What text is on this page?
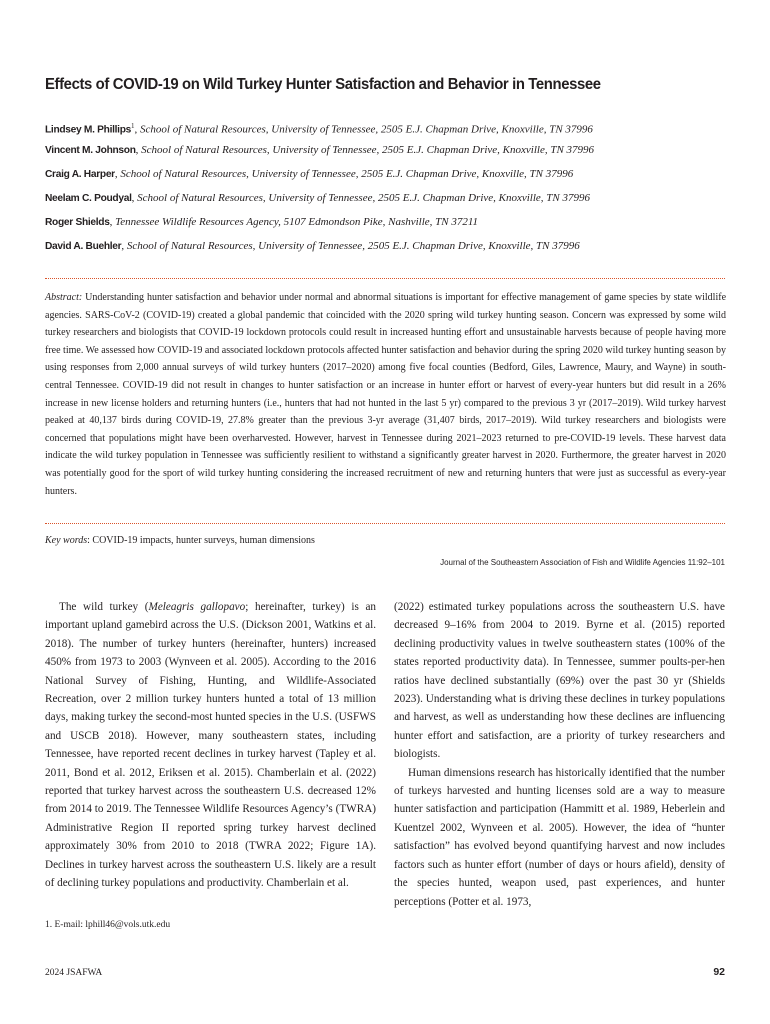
Effects of COVID-19 on Wild Turkey Hunter Satisfaction and Behavior in Tennessee
Lindsey M. Phillips$^1$, School of Natural Resources, University of Tennessee, 2505 E.J. Chapman Drive, Knoxville, TN 37996
Vincent M. Johnson, School of Natural Resources, University of Tennessee, 2505 E.J. Chapman Drive, Knoxville, TN 37996
Craig A. Harper, School of Natural Resources, University of Tennessee, 2505 E.J. Chapman Drive, Knoxville, TN 37996
Neelam C. Poudyal, School of Natural Resources, University of Tennessee, 2505 E.J. Chapman Drive, Knoxville, TN 37996
Roger Shields, Tennessee Wildlife Resources Agency, 5107 Edmondson Pike, Nashville, TN 37211
David A. Buehler, School of Natural Resources, University of Tennessee, 2505 E.J. Chapman Drive, Knoxville, TN 37996
Abstract: Understanding hunter satisfaction and behavior under normal and abnormal situations is important for effective management of game species by state wildlife agencies. SARS-CoV-2 (COVID-19) created a global pandemic that coincided with the 2020 spring wild turkey hunting season. Concern was expressed by some wild turkey researchers and biologists that COVID-19 lockdown protocols could result in increased hunting effort and unsustainable harvests because of people having more free time. We assessed how COVID-19 and associated lockdown protocols affected hunter satisfaction and behavior during the spring 2020 wild turkey hunting season by using responses from 2,000 annual surveys of wild turkey hunters (2017–2020) among five focal counties (Bedford, Giles, Lawrence, Maury, and Wayne) in south-central Tennessee. COVID-19 did not result in changes to hunter satisfaction or an increase in hunter effort or harvest of every-year hunters but did result in a 26% increase in new license holders and returning hunters (i.e., hunters that had not hunted in the last 5 yr) compared to the previous 3 yr (2017–2019). Wild turkey harvest peaked at 40,137 birds during COVID-19, 27.8% greater than the previous 3-yr average (31,407 birds, 2017–2019). Wild turkey researchers and biologists were concerned that populations might have been overharvested. However, harvest in Tennessee during 2021–2023 returned to pre-COVID-19 levels. These harvest data indicate the wild turkey population in Tennessee was sufficiently resilient to withstand a significantly greater harvest in 2020. Furthermore, the greater harvest in 2020 was potentially good for the sport of wild turkey hunting considering the increased recruitment of new and returning hunters that were just as successful as every-year hunters.
Key words: COVID-19 impacts, hunter surveys, human dimensions
Journal of the Southeastern Association of Fish and Wildlife Agencies 11:92–101

The wild turkey (Meleagris gallopavo; hereinafter, turkey) is an important upland gamebird across the U.S. (Dickson 2001, Watkins et al. 2018). The number of turkey hunters (hereinafter, hunters) increased 450% from 1973 to 2003 (Wynveen et al. 2005). According to the 2016 National Survey of Fishing, Hunting, and Wildlife-Associated Recreation, over 2 million turkey hunters hunted a total of 13 million days, making turkey the second-most hunted species in the U.S. (USFWS and USCB 2018). However, many southeastern states, including Tennessee, have reported recent declines in turkey harvest (Tapley et al. 2011, Bond et al. 2012, Eriksen et al. 2015). Chamberlain et al. (2022) reported that turkey harvest across the southeastern U.S. decreased 12% from 2014 to 2019. The Tennessee Wildlife Resources Agency’s (TWRA) Administrative Region II reported spring turkey harvest declined approximately 30% from 2010 to 2018 (TWRA 2022; Figure 1A). Declines in turkey harvest across the southeastern U.S. likely are a result of declining turkey populations and productivity. Chamberlain et al.

(2022) estimated turkey populations across the southeastern U.S. have decreased 9–16% from 2004 to 2019. Byrne et al. (2015) reported declining productivity values in twelve southeastern states (100% of the states reported productivity data). In Tennessee, summer poults-per-hen ratios have declined substantially (69%) over the past 30 yr (Shields 2023). Understanding what is driving these declines in turkey populations and harvest, as well as understanding how these declines are influencing hunter effort and satisfaction, are a priority of turkey researchers and biologists.

Human dimensions research has historically identified that the number of turkeys harvested and hunting licenses sold are a way to measure hunter satisfaction and participation (Hammitt et al. 1989, Heberlein and Kuentzel 2002, Wynveen et al. 2005). However, the idea of “hunter satisfaction” has evolved beyond quantifying harvest and now includes factors such as hunter effort (number of days or hours afield), density of the species hunted, weapon used, past experiences, and hunter perceptions (Potter et al. 1973,

1. E-mail: lphill46@vols.utk.edu
2024 JSAFWA	92
